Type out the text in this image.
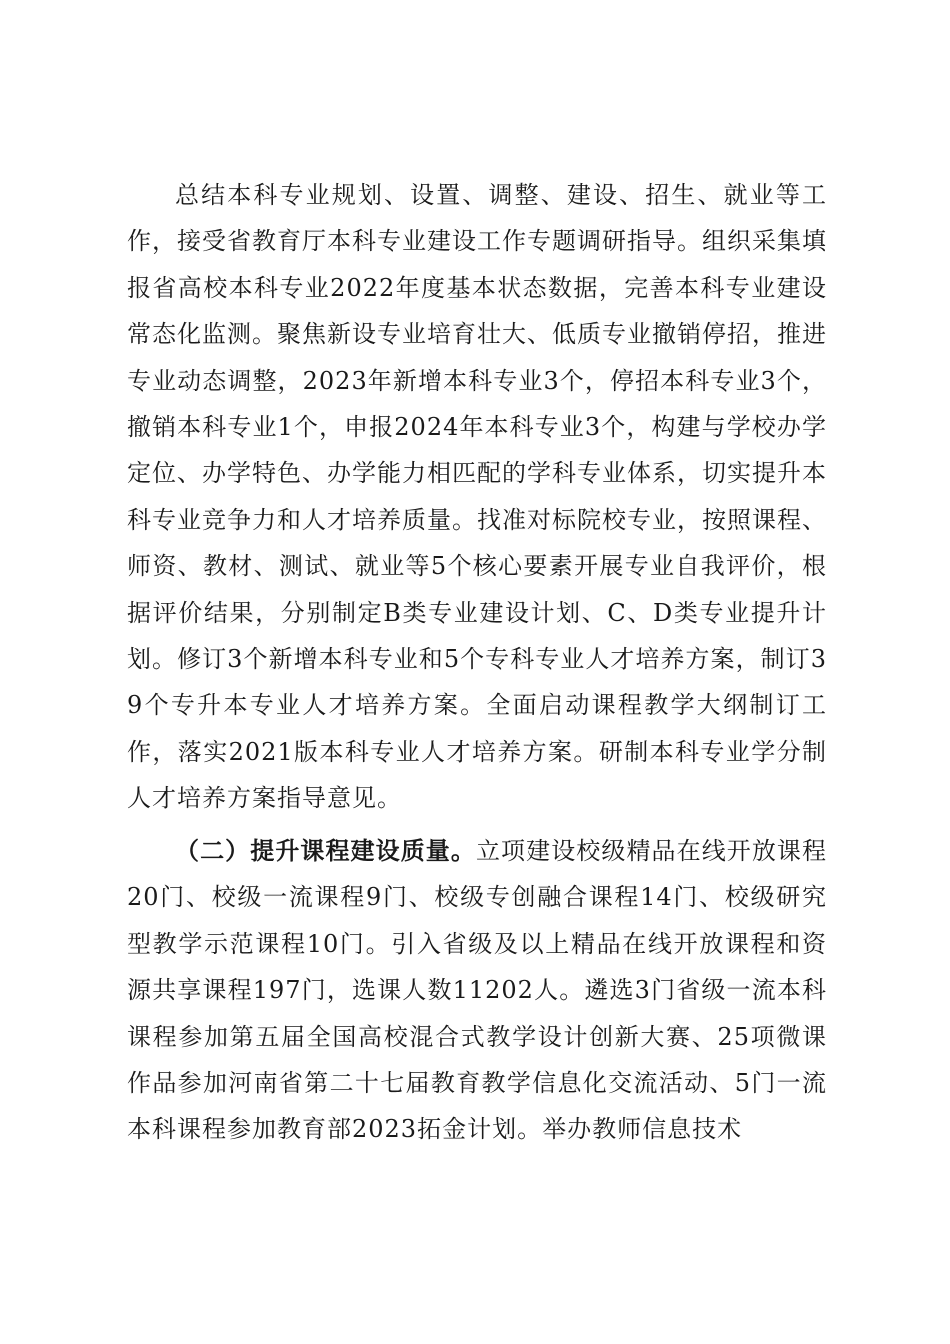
总结本科专业规划、设置、调整、建设、招生、就业等工作，接受省教育厅本科专业建设工作专题调研指导。组织采集填报省高校本科专业2022年度基本状态数据，完善本科专业建设常态化监测。聚焦新设专业培育壮大、低质专业撤销停招，推进专业动态调整，2023年新增本科专业3个，停招本科专业3个，撤销本科专业1个，申报2024年本科专业3个，构建与学校办学定位、办学特色、办学能力相匹配的学科专业体系，切实提升本科专业竞争力和人才培养质量。找准对标院校专业，按照课程、师资、教材、测试、就业等5个核心要素开展专业自我评价，根据评价结果，分别制定B类专业建设计划、C、D类专业提升计划。修订3个新增本科专业和5个专科专业人才培养方案，制订39个专升本专业人才培养方案。全面启动课程教学大纲制订工作，落实2021版本科专业人才培养方案。研制本科专业学分制人才培养方案指导意见。

（二）提升课程建设质量。立项建设校级精品在线开放课程20门、校级一流课程9门、校级专创融合课程14门、校级研究型教学示范课程10门。引入省级及以上精品在线开放课程和资源共享课程197门，选课人数11202人。遴选3门省级一流本科课程参加第五届全国高校混合式教学设计创新大赛、25项微课作品参加河南省第二十七届教育教学信息化交流活动、5门一流本科课程参加教育部2023拓金计划。举办教师信息技术
